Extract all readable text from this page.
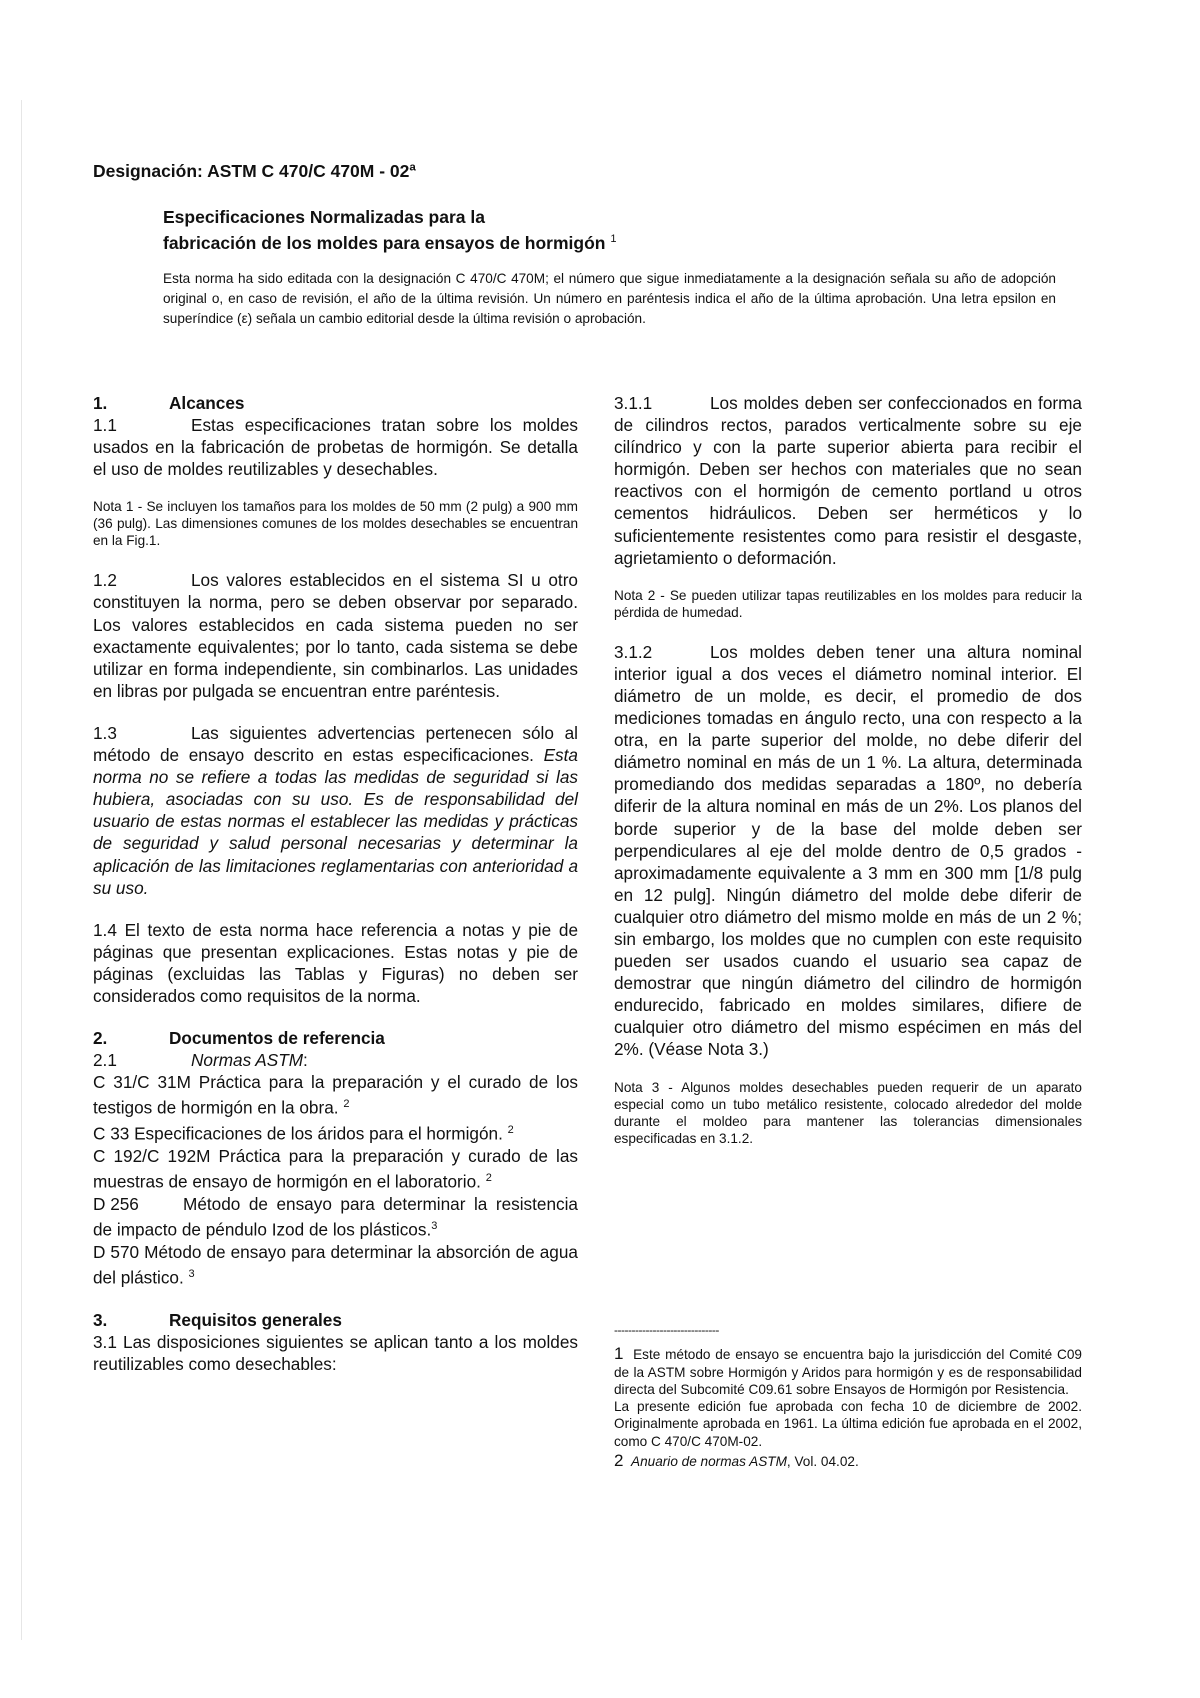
Designación: ASTM C 470/C 470M - 02ª

Especificaciones Normalizadas para la
fabricación de los moldes para ensayos de hormigón $^1$

Esta norma ha sido editada con la designación C 470/C 470M; el número que sigue inmediatamente a la designación señala su año de adopción original o, en caso de revisión, el año de la última revisión. Un número en paréntesis indica el año de la última aprobación. Una letra epsilon en superíndice (ε) señala un cambio editorial desde la última revisión o aprobación.

1.	Alcances

1.1	Estas especificaciones tratan sobre los moldes usados en la fabricación de probetas de hormigón. Se detalla el uso de moldes reutilizables y desechables.

Nota 1 - Se incluyen los tamaños para los moldes de 50 mm (2 pulg) a 900 mm (36 pulg). Las dimensiones comunes de los moldes desechables se encuentran en la Fig.1.

1.2	Los valores establecidos en el sistema SI u otro constituyen la norma, pero se deben observar por separado. Los valores establecidos en cada sistema pueden no ser exactamente equivalentes; por lo tanto, cada sistema se debe utilizar en forma independiente, sin combinarlos. Las unidades en libras por pulgada se encuentran entre paréntesis.

1.3	Las siguientes advertencias pertenecen sólo al método de ensayo descrito en estas especificaciones. Esta norma no se refiere a todas las medidas de seguridad si las hubiera, asociadas con su uso. Es de responsabilidad del usuario de estas normas el establecer las medidas y prácticas de seguridad y salud personal necesarias y determinar la aplicación de las limitaciones reglamentarias con anterioridad a su uso.

1.4 El texto de esta norma hace referencia a notas y pie de páginas que presentan explicaciones. Estas notas y pie de páginas (excluidas las Tablas y Figuras) no deben ser considerados como requisitos de la norma.

2.	Documentos de referencia

2.1	Normas ASTM:

C 31/C 31M Práctica para la preparación y el curado de los testigos de hormigón en la obra. $^2$

C 33 Especificaciones de los áridos para el hormigón. $^2$

C 192/C 192M Práctica para la preparación y curado de las muestras de ensayo de hormigón en el laboratorio. $^2$

D 256	Método de ensayo para determinar la resistencia de impacto de péndulo Izod de los plásticos.$^3$

D 570 Método de ensayo para determinar la absorción de agua del plástico. $^3$

3.	Requisitos generales

3.1 Las disposiciones siguientes se aplican tanto a los moldes reutilizables como desechables:

3.1.1	Los moldes deben ser confeccionados en forma de cilindros rectos, parados verticalmente sobre su eje cilíndrico y con la parte superior abierta para recibir el hormigón. Deben ser hechos con materiales que no sean reactivos con el hormigón de cemento portland u otros cementos hidráulicos. Deben ser herméticos y lo suficientemente resistentes como para resistir el desgaste, agrietamiento o deformación.

Nota 2 - Se pueden utilizar tapas reutilizables en los moldes para reducir la pérdida de humedad.

3.1.2	Los moldes deben tener una altura nominal interior igual a dos veces el diámetro nominal interior. El diámetro de un molde, es decir, el promedio de dos mediciones tomadas en ángulo recto, una con respecto a la otra, en la parte superior del molde, no debe diferir del diámetro nominal en más de un 1 %. La altura, determinada promediando dos medidas separadas a 180º, no debería diferir de la altura nominal en más de un 2%. Los planos del borde superior y de la base del molde deben ser perpendiculares al eje del molde dentro de 0,5 grados - aproximadamente equivalente a 3 mm en 300 mm [1/8 pulg en 12 pulg]. Ningún diámetro del molde debe diferir de cualquier otro diámetro del mismo molde en más de un 2 %; sin embargo, los moldes que no cumplen con este requisito pueden ser usados cuando el usuario sea capaz de demostrar que ningún diámetro del cilindro de hormigón endurecido, fabricado en moldes similares, difiere de cualquier otro diámetro del mismo espécimen en más del 2%. (Véase Nota 3.)

Nota 3 - Algunos moldes desechables pueden requerir de un aparato especial como un tubo metálico resistente, colocado alrededor del molde durante el moldeo para mantener las tolerancias dimensionales especificadas en 3.1.2.

------------------------------

1 Este método de ensayo se encuentra bajo la jurisdicción del Comité C09 de la ASTM sobre Hormigón y Aridos para hormigón y es de responsabilidad directa del Subcomité C09.61 sobre Ensayos de Hormigón por Resistencia.

La presente edición fue aprobada con fecha 10 de diciembre de 2002. Originalmente aprobada en 1961. La última edición fue aprobada en el 2002, como C 470/C 470M-02.

2 Anuario de normas ASTM, Vol. 04.02.
